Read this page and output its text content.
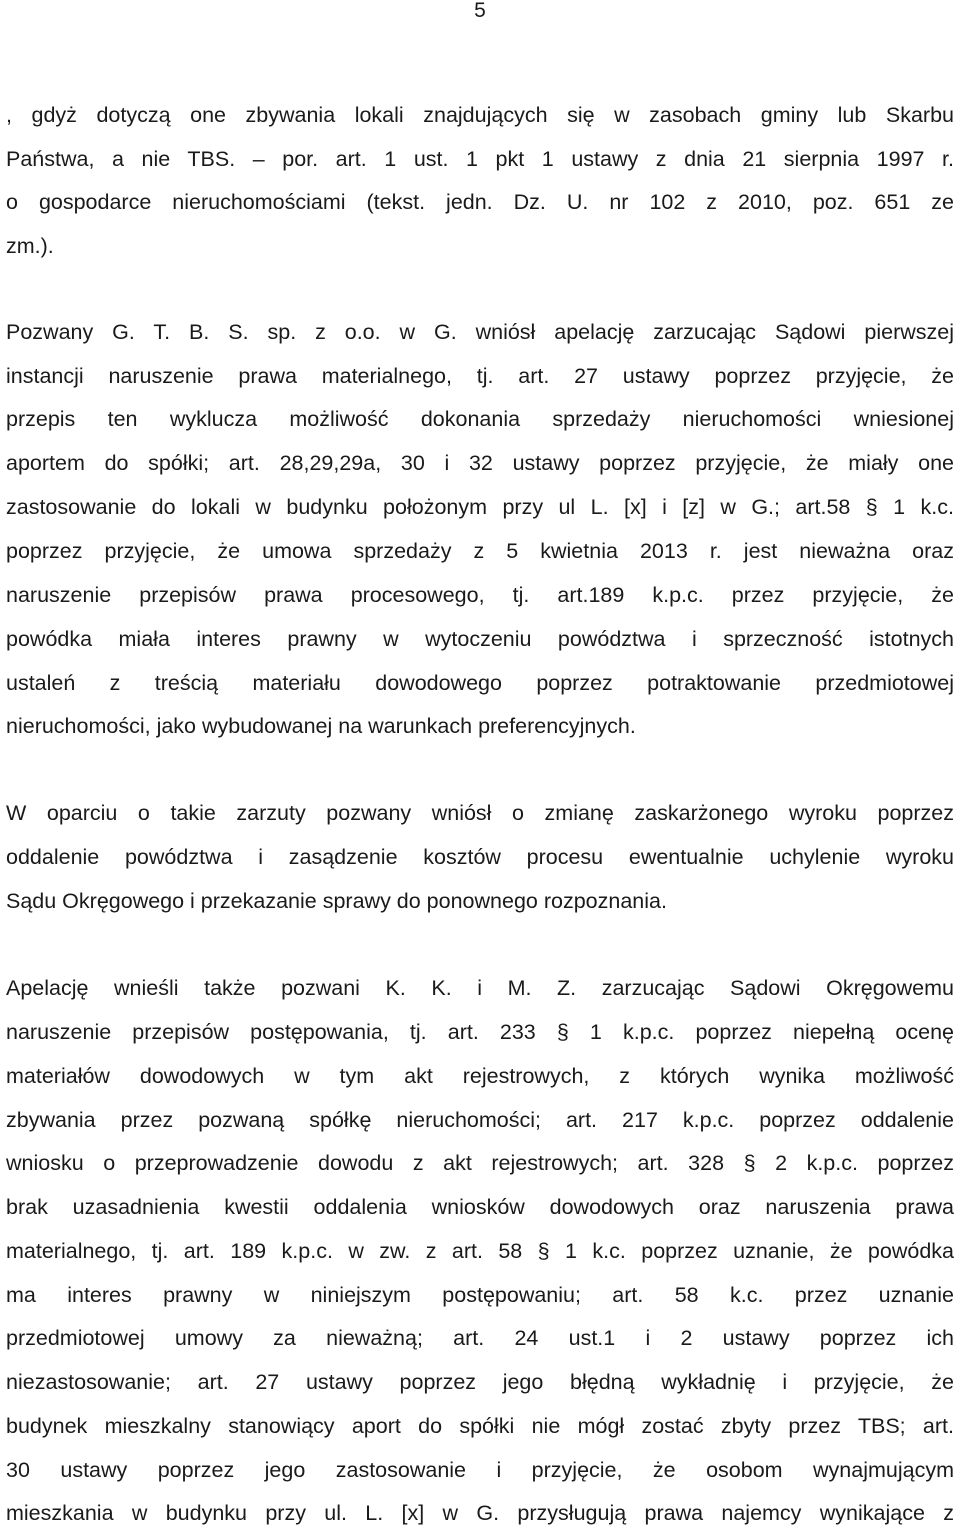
5
, gdyż dotyczą one zbywania lokali znajdujących się w zasobach gminy lub Skarbu
Państwa, a nie TBS. – por. art. 1 ust. 1 pkt 1 ustawy z dnia 21 sierpnia 1997 r.
o gospodarce nieruchomościami (tekst. jedn. Dz. U. nr 102 z 2010, poz. 651 ze
zm.).
Pozwany G. T. B. S. sp. z o.o. w G. wniósł apelację zarzucając Sądowi pierwszej
instancji naruszenie prawa materialnego, tj. art. 27 ustawy poprzez przyjęcie, że
przepis ten wyklucza możliwość dokonania sprzedaży nieruchomości wniesionej
aportem do spółki; art. 28,29,29a, 30 i 32 ustawy poprzez przyjęcie, że miały one
zastosowanie do lokali w budynku położonym przy ul L. [x] i [z] w G.; art.58 § 1 k.c.
poprzez przyjęcie, że umowa sprzedaży z 5 kwietnia 2013 r. jest nieważna oraz
naruszenie przepisów prawa procesowego, tj. art.189 k.p.c. przez przyjęcie, że
powódka miała interes prawny w wytoczeniu powództwa i sprzeczność istotnych
ustaleń z treścią materiału dowodowego poprzez potraktowanie przedmiotowej
nieruchomości, jako wybudowanej na warunkach preferencyjnych.
W oparciu o takie zarzuty pozwany wniósł o zmianę zaskarżonego wyroku poprzez
oddalenie powództwa i zasądzenie kosztów procesu ewentualnie uchylenie wyroku
Sądu Okręgowego i przekazanie sprawy do ponownego rozpoznania.
Apelację wnieśli także pozwani K. K. i M. Z. zarzucając Sądowi Okręgowemu
naruszenie przepisów postępowania, tj. art. 233 § 1 k.p.c. poprzez niepełną ocenę
materiałów dowodowych w tym akt rejestrowych, z których wynika możliwość
zbywania przez pozwaną spółkę nieruchomości; art. 217 k.p.c. poprzez oddalenie
wniosku o przeprowadzenie dowodu z akt rejestrowych; art. 328 § 2 k.p.c. poprzez
brak uzasadnienia kwestii oddalenia wniosków dowodowych oraz naruszenia prawa
materialnego, tj. art. 189 k.p.c. w zw. z art. 58 § 1 k.c. poprzez uznanie, że powódka
ma interes prawny w niniejszym postępowaniu; art. 58 k.c. przez uznanie
przedmiotowej umowy za nieważną; art. 24 ust.1 i 2 ustawy poprzez ich
niezastosowanie; art. 27 ustawy poprzez jego błędną wykładnię i przyjęcie, że
budynek mieszkalny stanowiący aport do spółki nie mógł zostać zbyty przez TBS; art.
30 ustawy poprzez jego zastosowanie i przyjęcie, że osobom wynajmującym
mieszkania w budynku przy ul. L. [x] w G. przysługują prawa najemcy wynikające z
